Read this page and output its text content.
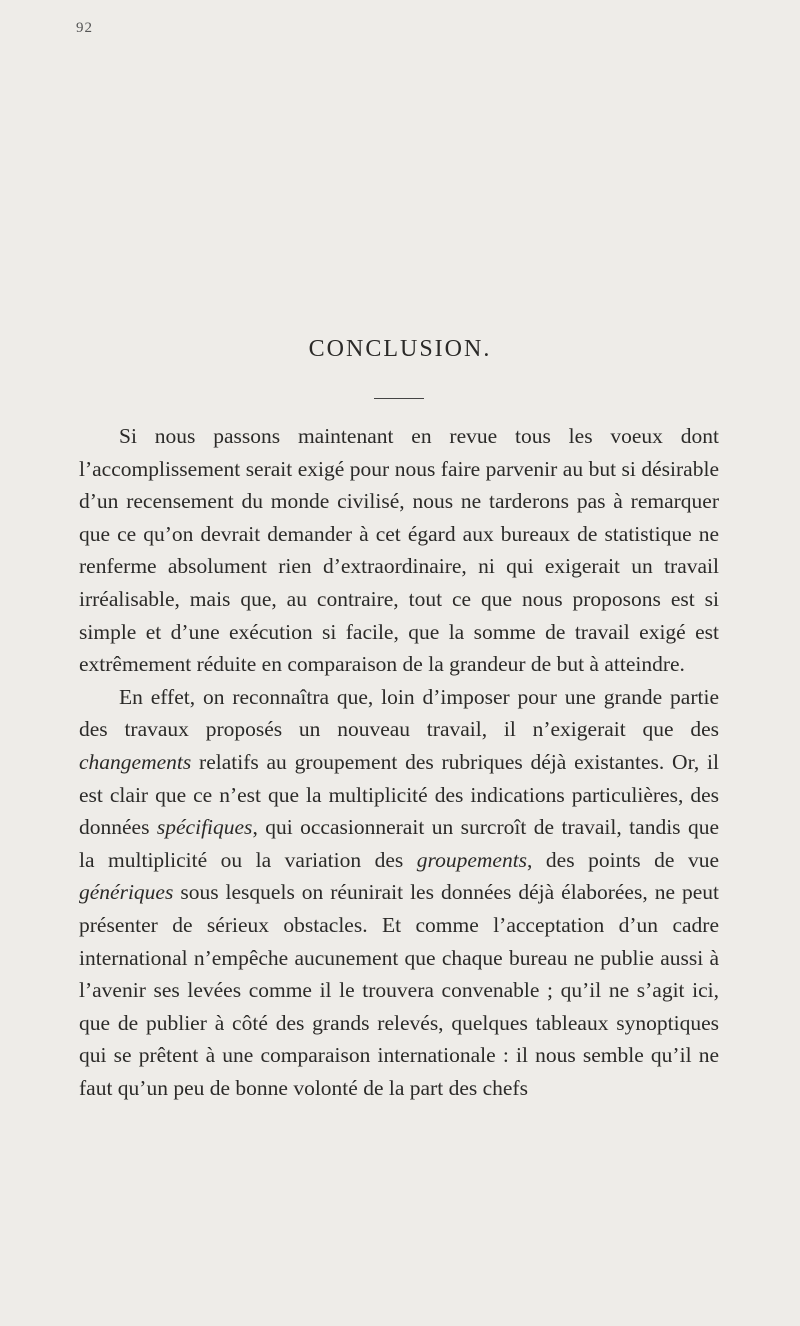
92
CONCLUSION.

Si nous passons maintenant en revue tous les voeux dont l’accomplissement serait exigé pour nous faire parvenir au but si désirable d’un recensement du monde civilisé, nous ne tarderons pas à remarquer que ce qu’on devrait demander à cet égard aux bureaux de statistique ne renferme absolument rien d’extraordinaire, ni qui exigerait un travail irréalisable, mais que, au contraire, tout ce que nous proposons est si simple et d’une exécution si facile, que la somme de travail exigé est extrêmement réduite en comparaison de la grandeur de but à atteindre.

En effet, on reconnaîtra que, loin d’imposer pour une grande partie des travaux proposés un nouveau travail, il n’exigerait que des changements relatifs au groupement des rubriques déjà existantes. Or, il est clair que ce n’est que la multiplicité des indications particulières, des données spécifiques, qui occasionnerait un surcroît de travail, tandis que la multiplicité ou la variation des groupements, des points de vue génériques sous lesquels on réunirait les données déjà élaborées, ne peut présenter de sérieux obstacles. Et comme l’acceptation d’un cadre international n’empêche aucunement que chaque bureau ne publie aussi à l’avenir ses levées comme il le trouvera convenable ; qu’il ne s’agit ici, que de publier à côté des grands relevés, quelques tableaux synoptiques qui se prêtent à une comparaison internationale : il nous semble qu’il ne faut qu’un peu de bonne volonté de la part des chefs
